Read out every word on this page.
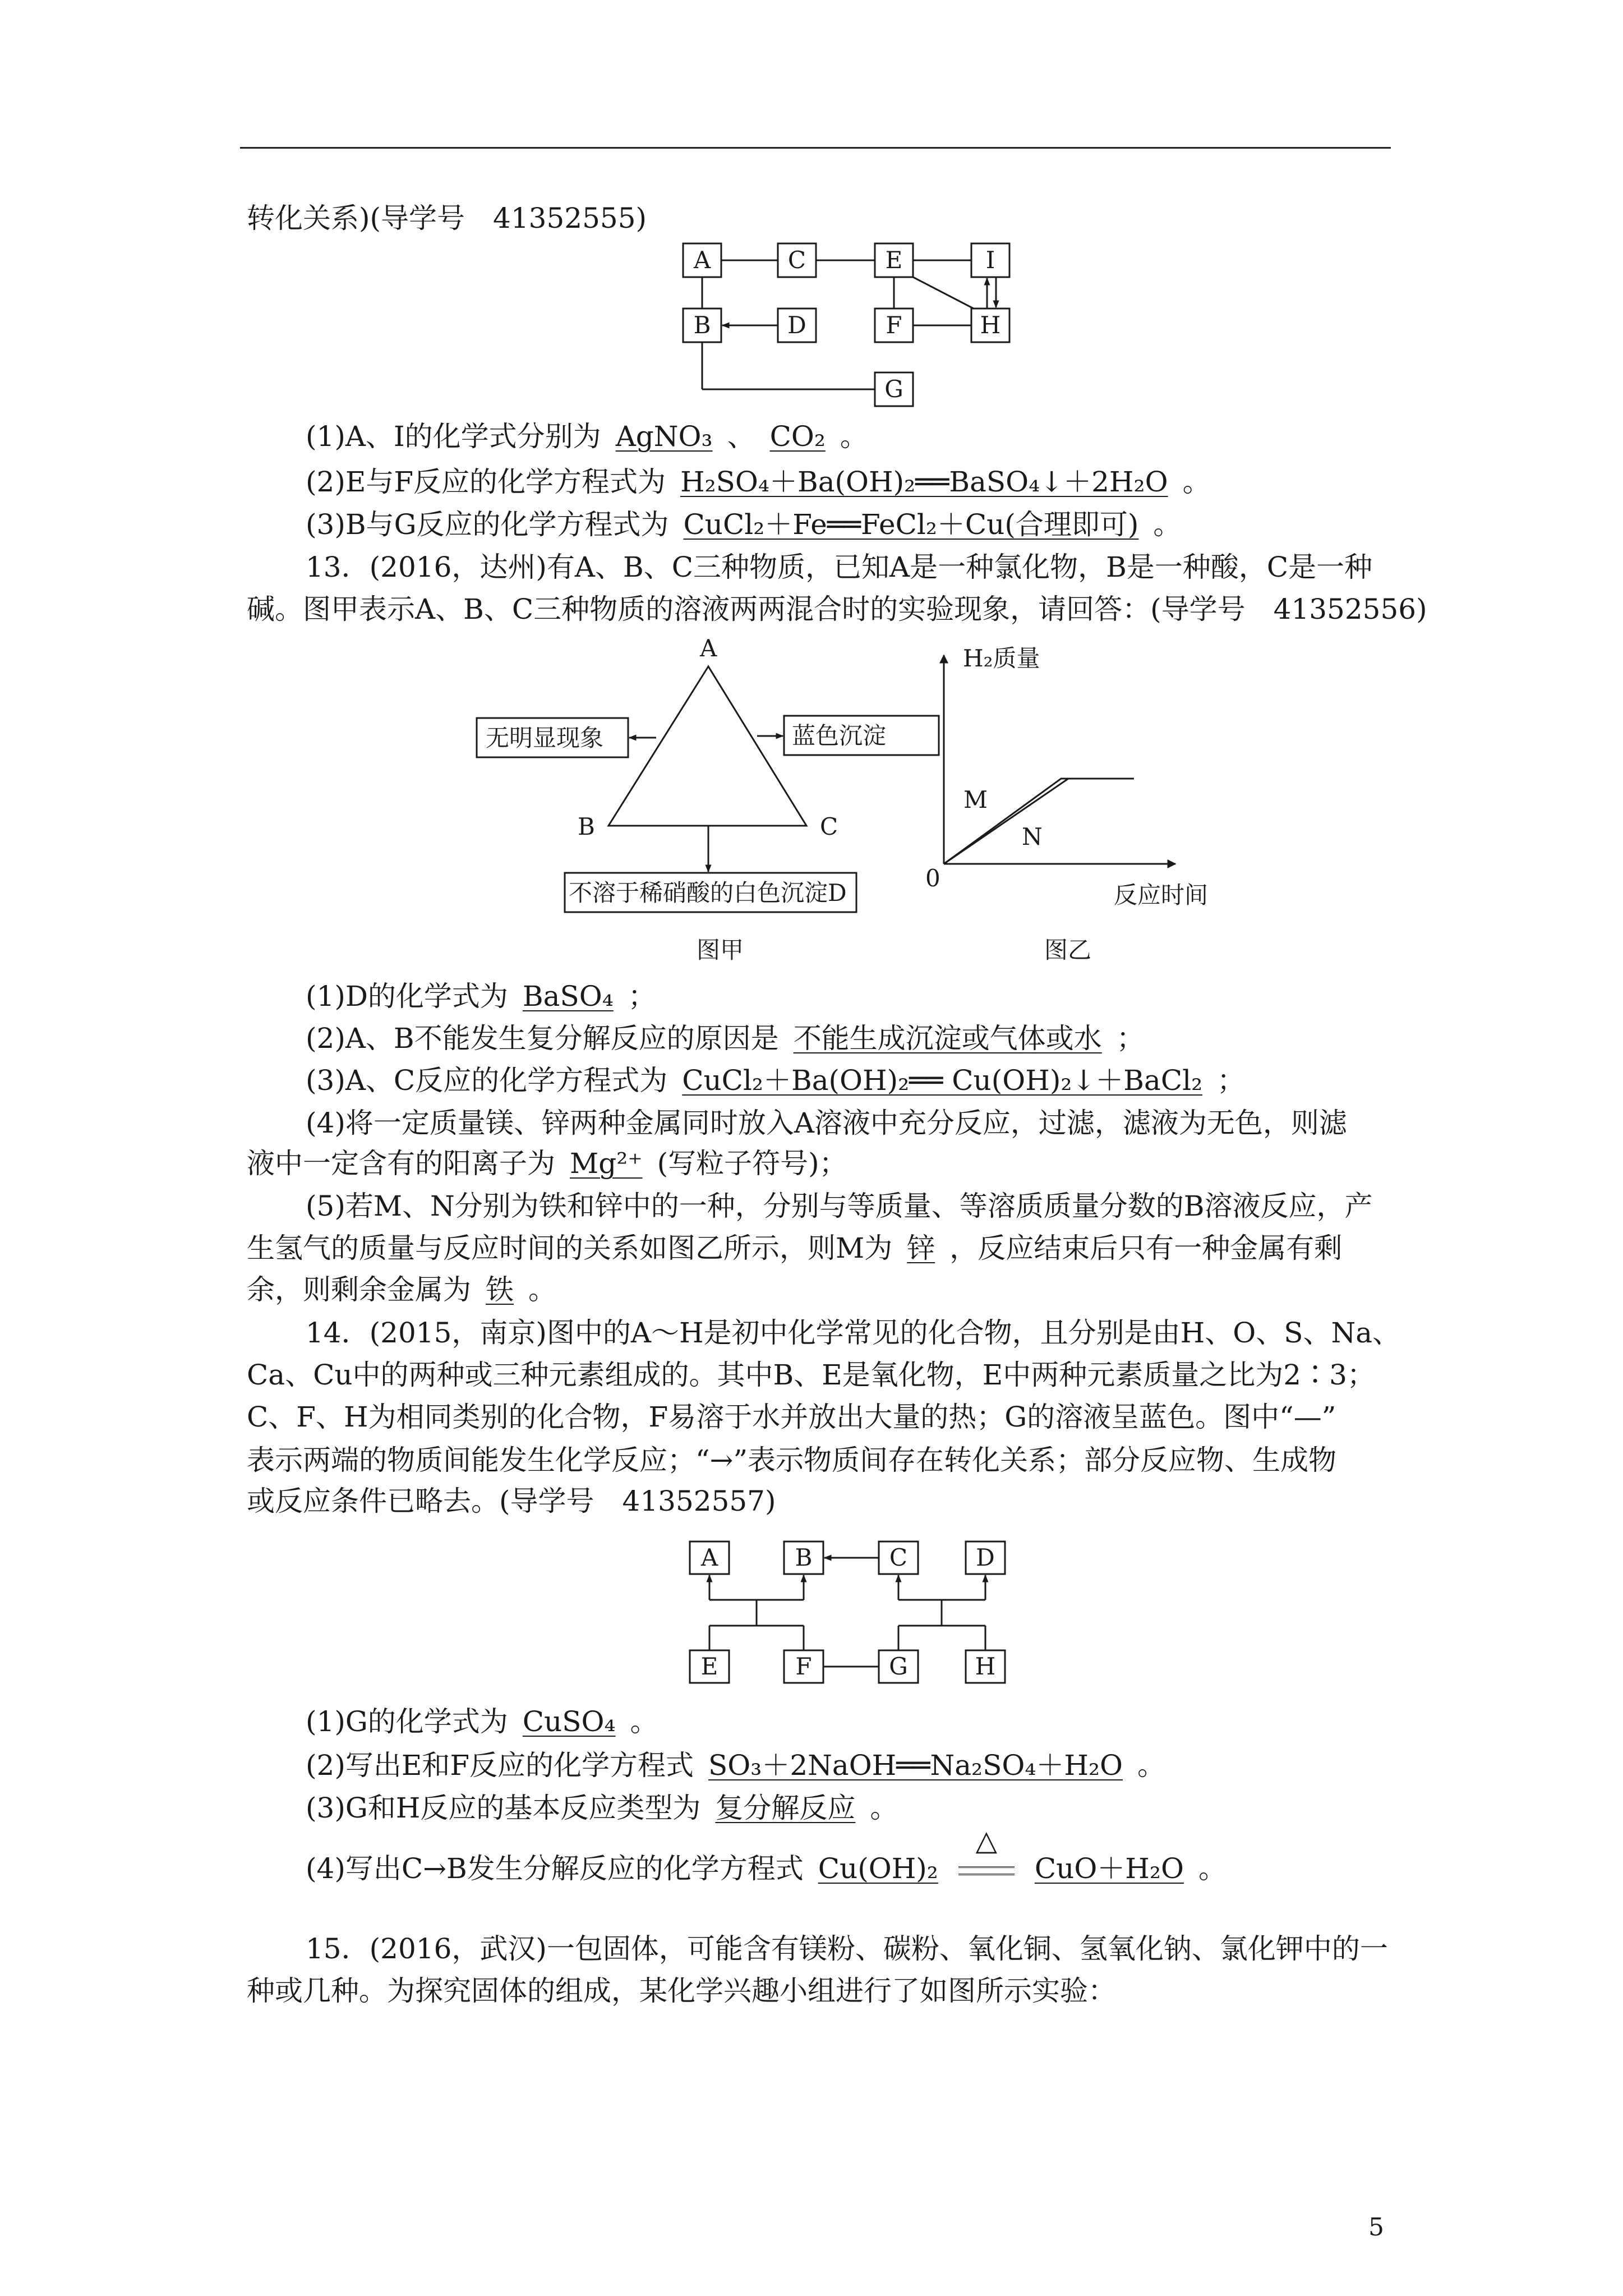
转化关系)(导学号　41352555)
A	C	E	I
B	D	F	H
G
(1)A、I的化学式分别为 AgNO₃ 、 CO₂ 。
(2)E与F反应的化学方程式为 H₂SO₄＋Ba(OH)₂══BaSO₄↓＋2H₂O 。
(3)B与G反应的化学方程式为 CuCl₂＋Fe══FeCl₂＋Cu(合理即可) 。
13．(2016，达州)有A、B、C三种物质，已知A是一种氯化物，B是一种酸，C是一种
碱。图甲表示A、B、C三种物质的溶液两两混合时的实验现象，请回答：(导学号　41352556)
A
B	C
无明显现象	蓝色沉淀
不溶于稀硝酸的白色沉淀D
图甲
H₂质量
反应时间
0
M
N
图乙
(1)D的化学式为 BaSO₄ ；
(2)A、B不能发生复分解反应的原因是 不能生成沉淀或气体或水 ；
(3)A、C反应的化学方程式为 CuCl₂＋Ba(OH)₂══ Cu(OH)₂↓＋BaCl₂ ；
(4)将一定质量镁、锌两种金属同时放入A溶液中充分反应，过滤，滤液为无色，则滤
液中一定含有的阳离子为 Mg²⁺ (写粒子符号)；
(5)若M、N分别为铁和锌中的一种，分别与等质量、等溶质质量分数的B溶液反应，产
生氢气的质量与反应时间的关系如图乙所示，则M为 锌 ，反应结束后只有一种金属有剩
余，则剩余金属为 铁 。
14．(2015，南京)图中的A～H是初中化学常见的化合物，且分别是由H、O、S、Na、
Ca、Cu中的两种或三种元素组成的。其中B、E是氧化物，E中两种元素质量之比为2∶3；
C、F、H为相同类别的化合物，F易溶于水并放出大量的热；G的溶液呈蓝色。图中“—”
表示两端的物质间能发生化学反应；“→”表示物质间存在转化关系；部分反应物、生成物
或反应条件已略去。(导学号　41352557)
A	B	C	D
E	F	G	H
(1)G的化学式为 CuSO₄ 。
(2)写出E和F反应的化学方程式 SO₃＋2NaOH══Na₂SO₄＋H₂O 。
(3)G和H反应的基本反应类型为 复分解反应 。
(4)写出C→B发生分解反应的化学方程式 Cu(OH)₂
△
CuO＋H₂O 。
15．(2016，武汉)一包固体，可能含有镁粉、碳粉、氧化铜、氢氧化钠、氯化钾中的一
种或几种。为探究固体的组成，某化学兴趣小组进行了如图所示实验：
5
